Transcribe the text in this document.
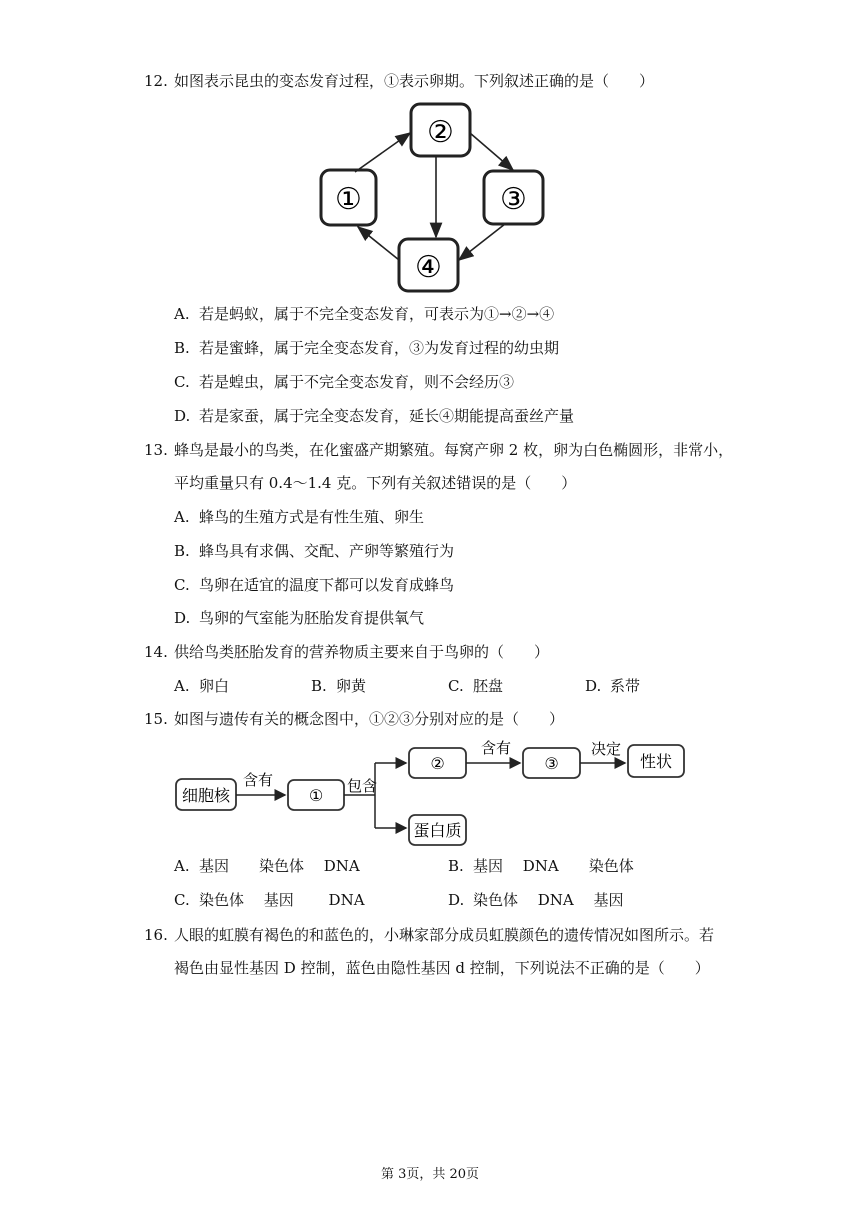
12. 如图表示昆虫的变态发育过程，①表示卵期。下列叙述正确的是（　　）
①
②
③
④
A. 若是蚂蚁，属于不完全变态发育，可表示为①→②→④
B. 若是蜜蜂，属于完全变态发育，③为发育过程的幼虫期
C. 若是蝗虫，属于不完全变态发育，则不会经历③
D. 若是家蚕，属于完全变态发育，延长④期能提高蚕丝产量
13. 蜂鸟是最小的鸟类，在化蜜盛产期繁殖。每窝产卵 2 枚，卵为白色椭圆形，非常小，
平均重量只有 0.4～1.4 克。下列有关叙述错误的是（　　）
A. 蜂鸟的生殖方式是有性生殖、卵生
B. 蜂鸟具有求偶、交配、产卵等繁殖行为
C. 鸟卵在适宜的温度下都可以发育成蜂鸟
D. 鸟卵的气室能为胚胎发育提供氧气
14. 供给鸟类胚胎发育的营养物质主要来自于鸟卵的（　　）
A. 卵白	B. 卵黄	C. 胚盘	D. 系带
15. 如图与遗传有关的概念图中，①②③分别对应的是（　　）
细胞核
含有
① 包含
②
含有
③
决定
性状
蛋白质
A. 基因　　染色体　 DNA	B. 基因　 DNA　　染色体
C. 染色体　 基因　　 DNA	D. 染色体　 DNA　 基因
16. 人眼的虹膜有褐色的和蓝色的，小琳家部分成员虹膜颜色的遗传情况如图所示。若
褐色由显性基因 D 控制，蓝色由隐性基因 d 控制，下列说法不正确的是（　　）
第 3页，共 20页
